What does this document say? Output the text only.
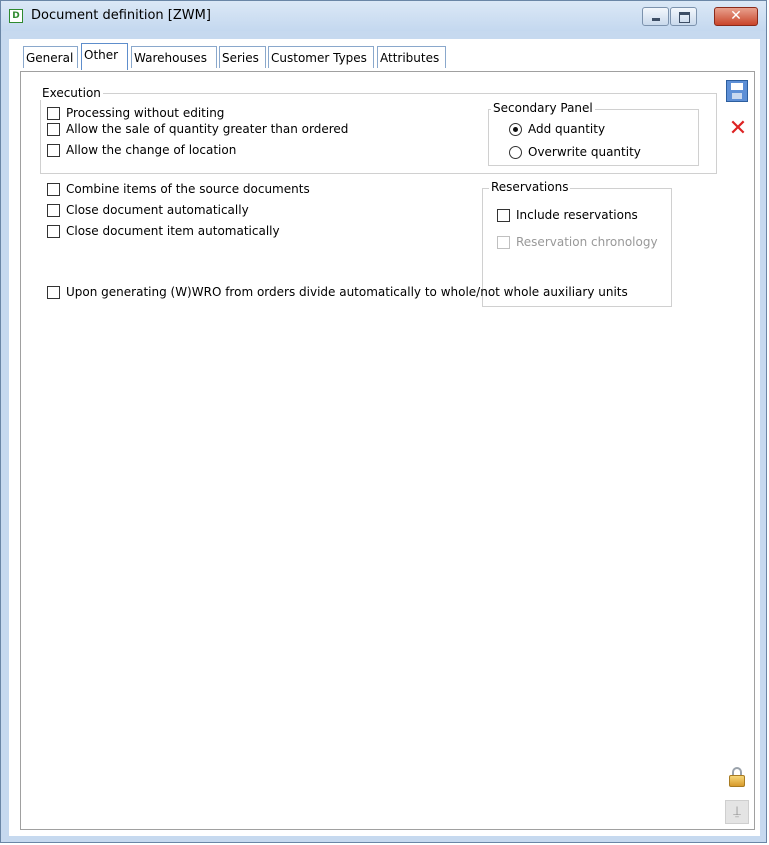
D Document definition [ZWM]	✕
General Other	Warehouses	Series	Customer Types	Attributes
Execution
Processing without editing
Allow the sale of quantity greater than ordered
Allow the change of location
Secondary Panel
Add quantity
Overwrite quantity
Combine items of the source documents
Close document automatically
Close document item automatically
Reservations
Include reservations
Reservation chronology
Upon generating (W)WRO from orders divide automatically to whole/not whole auxiliary units
✕
⍊
